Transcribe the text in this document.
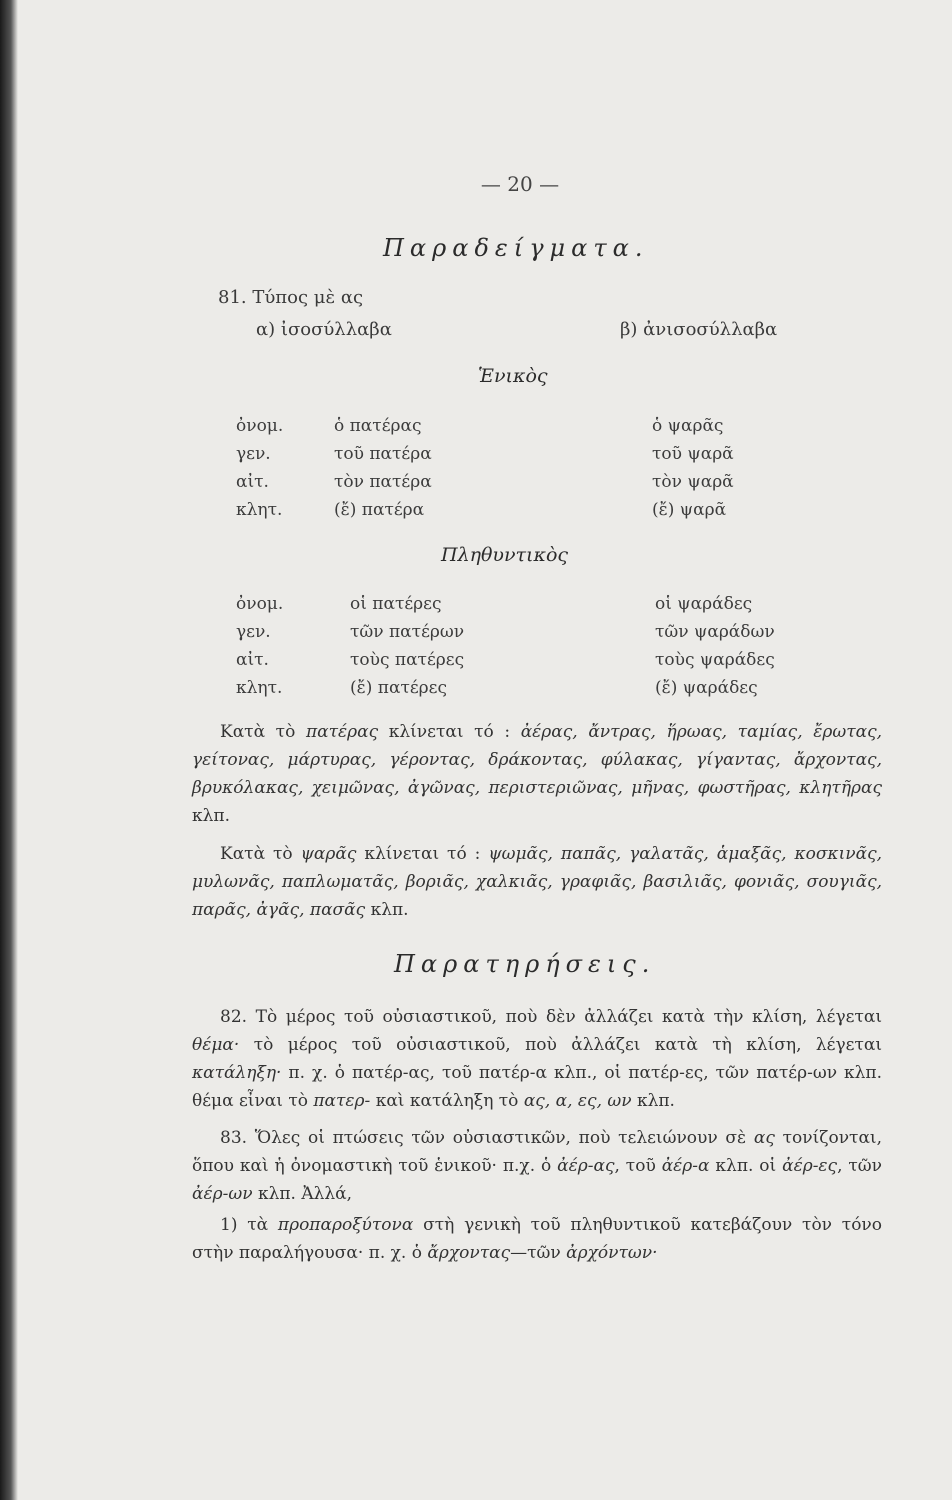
— 20 —
Παραδείγματα.
81. Τύπος μὲ ας
α) ἰσοσύλλαβα	β) ἀνισοσύλλαβα
Ἑνικὸς
ὀνομ.	ὁ πατέρας	ὁ ψαρᾶς
γεν.	τοῦ πατέρα	τοῦ ψαρᾶ
αἰτ.	τὸν πατέρα	τὸν ψαρᾶ
κλητ.	(ἔ) πατέρα	(ἔ) ψαρᾶ
Πληθυντικὸς
ὀνομ.	οἱ πατέρες	οἱ ψαράδες
γεν.	τῶν πατέρων	τῶν ψαράδων
αἰτ.	τοὺς πατέρες	τοὺς ψαράδες
κλητ.	(ἔ) πατέρες	(ἔ) ψαράδες
Κατὰ τὸ πατέρας κλίνεται τό : ἀέρας, ἄντρας, ἥρωας, ταμίας, ἔρωτας, γείτονας, μάρτυρας, γέροντας, δράκοντας, φύλακας, γίγαντας, ἄρχοντας, βρυκόλακας, χειμῶνας, ἀγῶνας, περιστεριῶνας, μῆνας, φωστῆρας, κλητῆρας κλπ.
Κατὰ τὸ ψαρᾶς κλίνεται τό : ψωμᾶς, παπᾶς, γαλατᾶς, ἁμαξᾶς, κοσκινᾶς, μυλωνᾶς, παπλωματᾶς, βοριᾶς, χαλκιᾶς, γραφιᾶς, βασιλιᾶς, φονιᾶς, σουγιᾶς, παρᾶς, ἀγᾶς, πασᾶς κλπ.
Παρατηρήσεις.
82. Τὸ μέρος τοῦ οὐσιαστικοῦ, ποὺ δὲν ἀλλάζει κατὰ τὴν κλίση, λέγεται θέμα· τὸ μέρος τοῦ οὐσιαστικοῦ, ποὺ ἀλλάζει κατὰ τὴ κλίση, λέγεται κατάληξη· π. χ. ὁ πατέρ-ας, τοῦ πατέρ-α κλπ., οἱ πατέρ-ες, τῶν πατέρ-ων κλπ. θέμα εἶναι τὸ πατερ- καὶ κατάληξη τὸ ας, α, ες, ων κλπ.
83. Ὅλες οἱ πτώσεις τῶν οὐσιαστικῶν, ποὺ τελειώνουν σὲ ας τονίζονται, ὅπου καὶ ἡ ὀνομαστικὴ τοῦ ἑνικοῦ· π.χ. ὁ ἀέρ-ας, τοῦ ἀέρ-α κλπ. οἱ ἀέρ-ες, τῶν ἀέρ-ων κλπ. Ἀλλά,
1) τὰ προπαροξύτονα στὴ γενικὴ τοῦ πληθυντικοῦ κατεβάζουν τὸν τόνο στὴν παραλήγουσα· π. χ. ὁ ἄρχοντας—τῶν ἀρχόντων·
